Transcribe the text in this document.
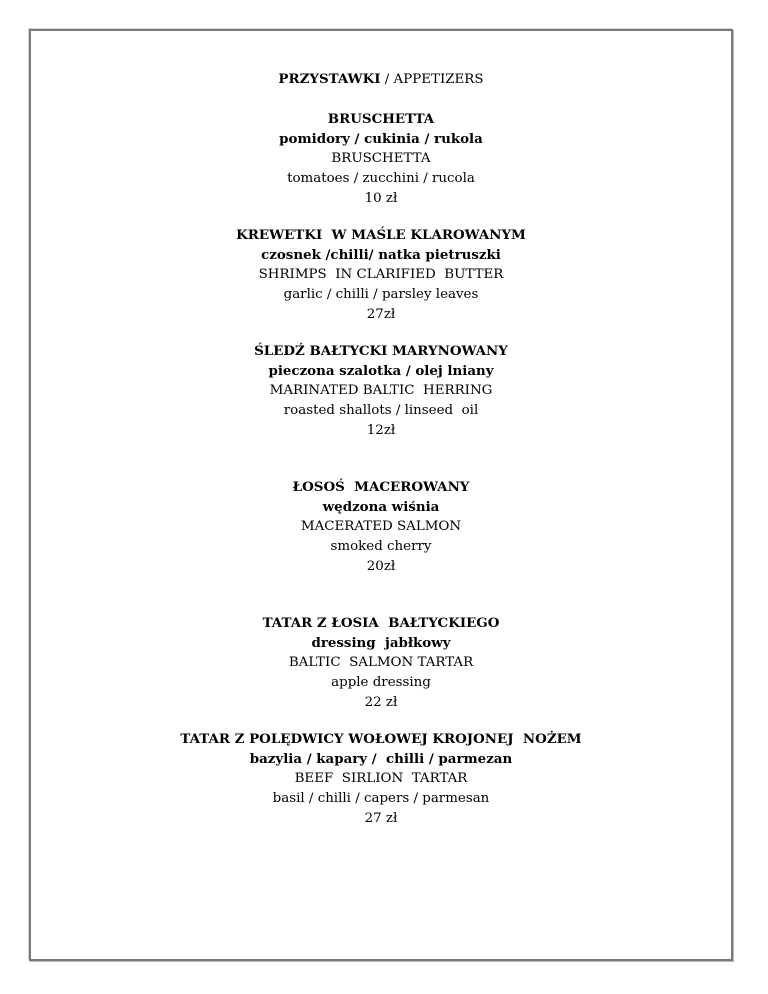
PRZYSTAWKI / APPETIZERS

BRUSCHETTA

pomidory / cukinia / rukola

BRUSCHETTA

tomatoes / zucchini / rucola

10 zł

KREWETKI  W MAŚLE KLAROWANYM

czosnek /chilli/ natka pietruszki

SHRIMPS  IN CLARIFIED  BUTTER

garlic / chilli / parsley leaves

27zł

ŚLEDŹ BAŁTYCKI MARYNOWANY

pieczona szalotka / olej lniany

MARINATED BALTIC  HERRING

roasted shallots / linseed  oil

12zł

ŁOSOŚ  MACEROWANY

wędzona wiśnia

MACERATED SALMON

smoked cherry

20zł

TATAR Z ŁOSIA  BAŁTYCKIEGO

dressing  jabłkowy

BALTIC  SALMON TARTAR

apple dressing

22 zł

TATAR Z POLĘDWICY WOŁOWEJ KROJONEJ  NOŻEM

bazylia / kapary /  chilli / parmezan

BEEF  SIRLION  TARTAR

basil / chilli / capers / parmesan

27 zł
